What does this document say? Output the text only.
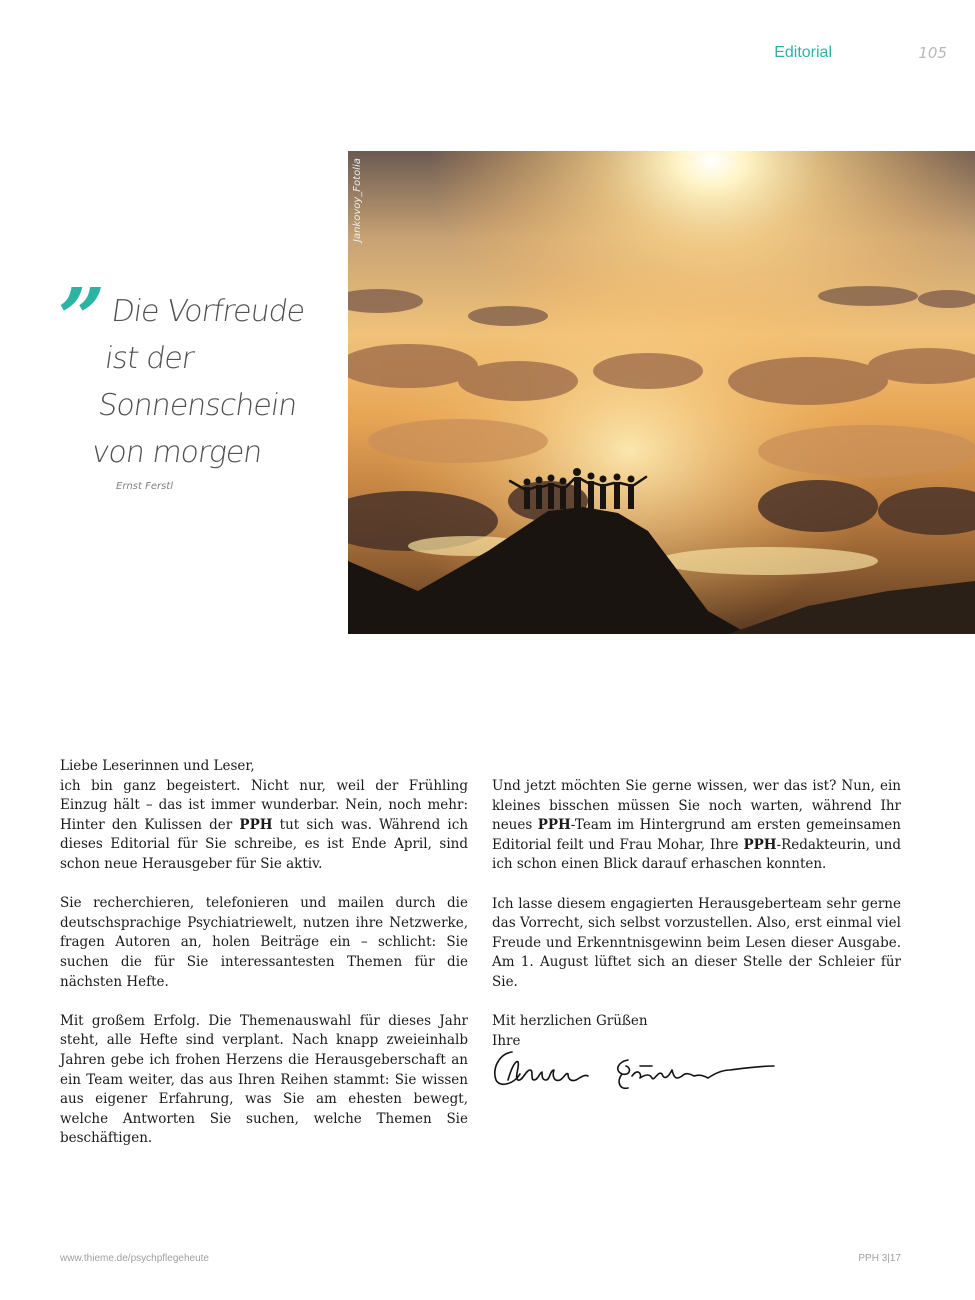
Editorial	105
Jankovoy_Fotolia
” Die Vorfreude
ist der
Sonnenschein
von morgen
Ernst Ferstl
Liebe Leserinnen und Leser,

ich bin ganz begeistert. Nicht nur, weil der Frühling Einzug hält – das ist immer wunderbar. Nein, noch mehr: Hinter den Kulissen der PPH tut sich was. Während ich dieses Editorial für Sie schreibe, es ist Ende April, sind schon neue Herausgeber für Sie aktiv.

Sie recherchieren, telefonieren und mailen durch die deutschsprachige Psychiatriewelt, nutzen ihre Netzwerke, fragen Autoren an, holen Beiträge ein – schlicht: Sie suchen die für Sie interessantesten Themen für die nächsten Hefte.

Mit großem Erfolg. Die Themenauswahl für dieses Jahr steht, alle Hefte sind verplant. Nach knapp zweieinhalb Jahren gebe ich frohen Herzens die Herausgeberschaft an ein Team weiter, das aus Ihren Reihen stammt: Sie wissen aus eigener Erfahrung, was Sie am ehesten bewegt, welche Antworten Sie suchen, welche Themen Sie beschäftigen.

Und jetzt möchten Sie gerne wissen, wer das ist? Nun, ein kleines bisschen müssen Sie noch warten, während Ihr neues PPH-Team im Hintergrund am ersten gemeinsamen Editorial feilt und Frau Mohar, Ihre PPH-Redakteurin, und ich schon einen Blick darauf erhaschen konnten.

Ich lasse diesem engagierten Herausgeberteam sehr gerne das Vorrecht, sich selbst vorzustellen. Also, erst einmal viel Freude und Erkenntnisgewinn beim Lesen dieser Ausgabe. Am 1. August lüftet sich an dieser Stelle der Schleier für Sie.

Mit herzlichen Grüßen
Ihre
www.thieme.de/psychpflegeheute	PPH 3|17
